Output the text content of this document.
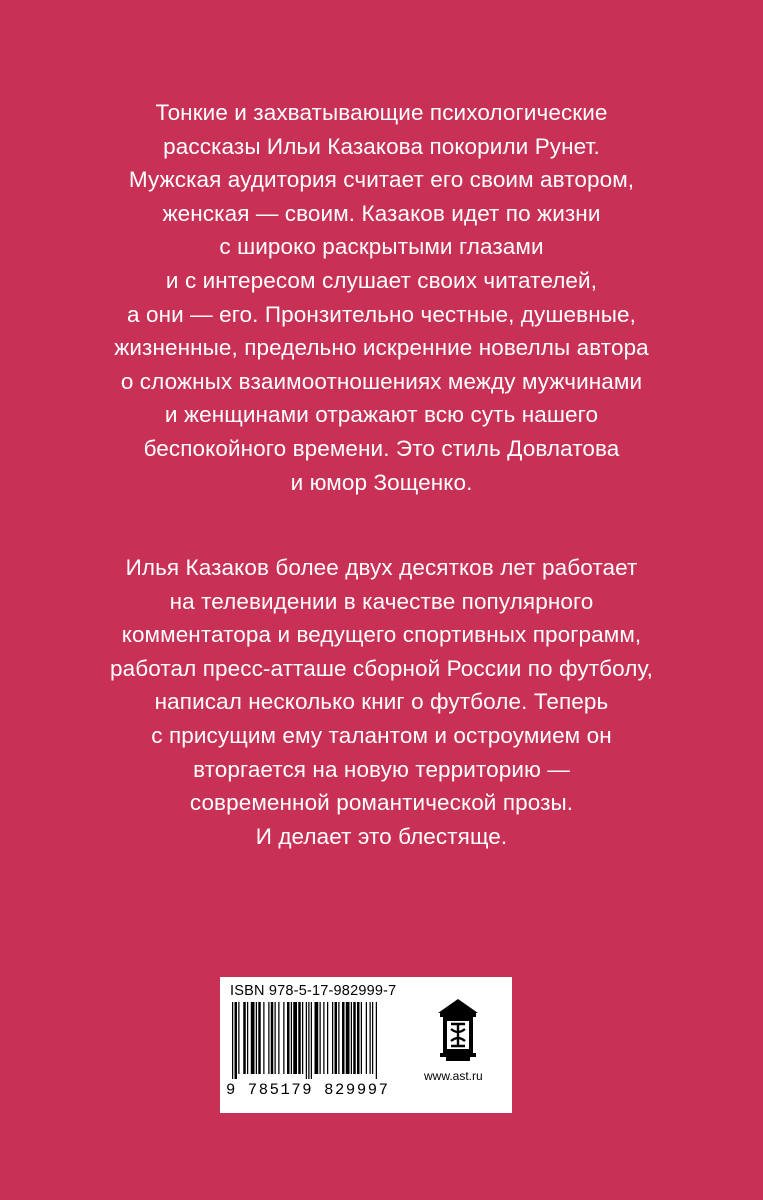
Тонкие и захватывающие психологические
рассказы Ильи Казакова покорили Рунет.
Мужская аудитория считает его своим автором,
женская — своим. Казаков идет по жизни
с широко раскрытыми глазами
и с интересом слушает своих читателей,
а они — его. Пронзительно честные, душевные,
жизненные, предельно искренние новеллы автора
о сложных взаимоотношениях между мужчинами
и женщинами отражают всю суть нашего
беспокойного времени. Это стиль Довлатова
и юмор Зощенко.
Илья Казаков более двух десятков лет работает
на телевидении в качестве популярного
комментатора и ведущего спортивных программ,
работал пресс-атташе сборной России по футболу,
написал несколько книг о футболе. Теперь
с присущим ему талантом и остроумием он
вторгается на новую территорию —
современной романтической прозы.
И делает это блестяще.
ISBN 978-5-17-982999-7
9 785179 829997
www.ast.ru
